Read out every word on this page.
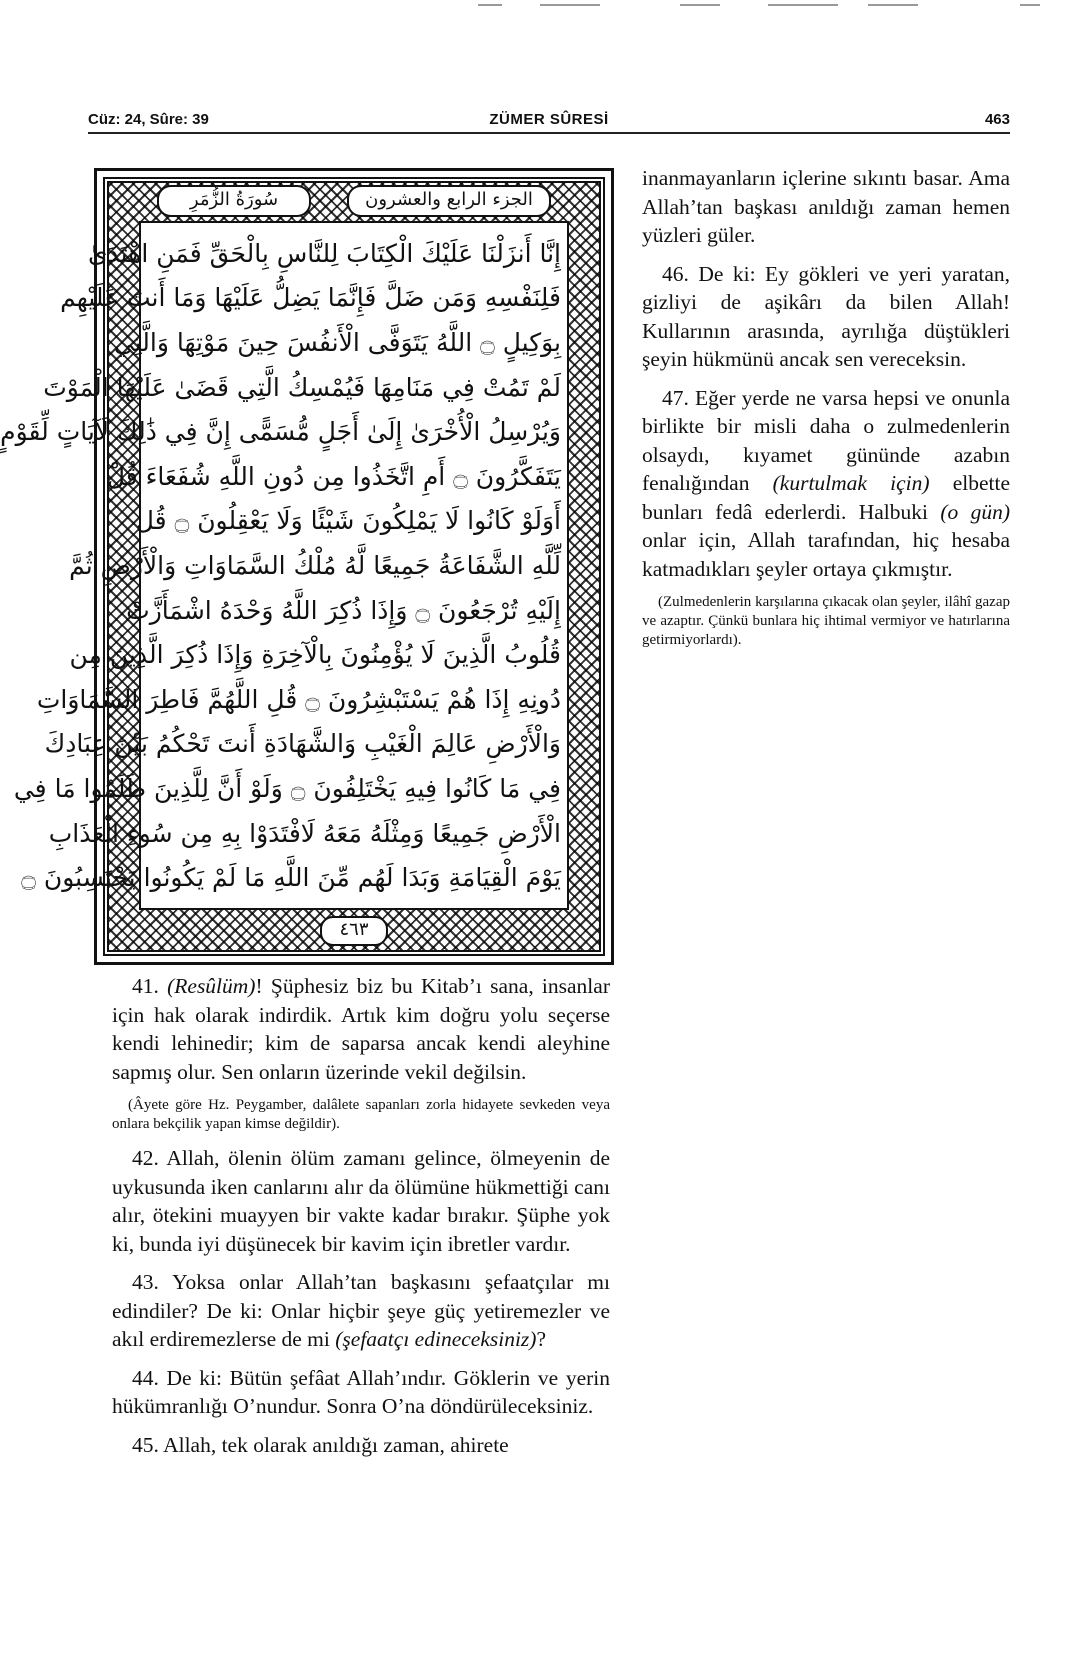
Cüz: 24, Sûre: 39	ZÜMER SÛRESİ	463
سُورَةُ الزُّمَرِ	الجزء الرابع والعشرون
إِنَّا أَنزَلْنَا عَلَيْكَ الْكِتَابَ لِلنَّاسِ بِالْحَقِّ فَمَنِ اهْتَدَىٰ
فَلِنَفْسِهِ وَمَن ضَلَّ فَإِنَّمَا يَضِلُّ عَلَيْهَا وَمَا أَنتَ عَلَيْهِم
بِوَكِيلٍ ۝ اللَّهُ يَتَوَفَّى الْأَنفُسَ حِينَ مَوْتِهَا وَالَّتِي
لَمْ تَمُتْ فِي مَنَامِهَا فَيُمْسِكُ الَّتِي قَضَىٰ عَلَيْهَا الْمَوْتَ
وَيُرْسِلُ الْأُخْرَىٰ إِلَىٰ أَجَلٍ مُّسَمًّى إِنَّ فِي ذَٰلِكَ لَآيَاتٍ لِّقَوْمٍ
يَتَفَكَّرُونَ ۝ أَمِ اتَّخَذُوا مِن دُونِ اللَّهِ شُفَعَاءَ قُلْ
أَوَلَوْ كَانُوا لَا يَمْلِكُونَ شَيْئًا وَلَا يَعْقِلُونَ ۝ قُل
لِّلَّهِ الشَّفَاعَةُ جَمِيعًا لَّهُ مُلْكُ السَّمَاوَاتِ وَالْأَرْضِ ثُمَّ
إِلَيْهِ تُرْجَعُونَ ۝ وَإِذَا ذُكِرَ اللَّهُ وَحْدَهُ اشْمَأَزَّتْ
قُلُوبُ الَّذِينَ لَا يُؤْمِنُونَ بِالْآخِرَةِ وَإِذَا ذُكِرَ الَّذِينَ مِن
دُونِهِ إِذَا هُمْ يَسْتَبْشِرُونَ ۝ قُلِ اللَّهُمَّ فَاطِرَ السَّمَاوَاتِ
وَالْأَرْضِ عَالِمَ الْغَيْبِ وَالشَّهَادَةِ أَنتَ تَحْكُمُ بَيْنَ عِبَادِكَ
فِي مَا كَانُوا فِيهِ يَخْتَلِفُونَ ۝ وَلَوْ أَنَّ لِلَّذِينَ ظَلَمُوا مَا فِي
الْأَرْضِ جَمِيعًا وَمِثْلَهُ مَعَهُ لَافْتَدَوْا بِهِ مِن سُوءِ الْعَذَابِ
يَوْمَ الْقِيَامَةِ وَبَدَا لَهُم مِّنَ اللَّهِ مَا لَمْ يَكُونُوا يَحْتَسِبُونَ ۝
٤٦٣

inanmayanların içlerine sıkıntı basar. Ama Allah’tan başkası anıldığı zaman hemen yüzleri güler.

46. De ki: Ey gökleri ve yeri yaratan, gizliyi de aşikârı da bilen Allah! Kullarının arasında, ayrılığa düştükleri şeyin hükmünü ancak sen vereceksin.

47. Eğer yerde ne varsa hepsi ve onunla birlikte bir misli daha o zulmedenlerin olsaydı, kıyamet gününde azabın fenalığından (kurtulmak için) elbette bunları fedâ ederlerdi. Halbuki (o gün) onlar için, Allah tarafından, hiç hesaba katmadıkları şeyler ortaya çıkmıştır.

(Zulmedenlerin karşılarına çıkacak olan şeyler, ilâhî gazap ve azaptır. Çünkü bunlara hiç ihtimal vermiyor ve hatırlarına getirmiyorlardı).

41. (Resûlüm)! Şüphesiz biz bu Kitab’ı sana, insanlar için hak olarak indirdik. Artık kim doğru yolu seçerse kendi lehinedir; kim de saparsa ancak kendi aleyhine sapmış olur. Sen onların üzerinde vekil değilsin.

(Âyete göre Hz. Peygamber, dalâlete sapanları zorla hidayete sevkeden veya onlara bekçilik yapan kimse değildir).

42. Allah, ölenin ölüm zamanı gelince, ölmeyenin de uykusunda iken canlarını alır da ölümüne hükmettiği canı alır, ötekini muayyen bir vakte kadar bırakır. Şüphe yok ki, bunda iyi düşünecek bir kavim için ibretler vardır.

43. Yoksa onlar Allah’tan başkasını şefaatçılar mı edindiler? De ki: Onlar hiçbir şeye güç yetiremezler ve akıl erdiremezlerse de mi (şefaatçı edineceksiniz)?

44. De ki: Bütün şefâat Allah’ındır. Göklerin ve yerin hükümranlığı O’nundur. Sonra O’na döndürüleceksiniz.

45. Allah, tek olarak anıldığı zaman, ahirete
